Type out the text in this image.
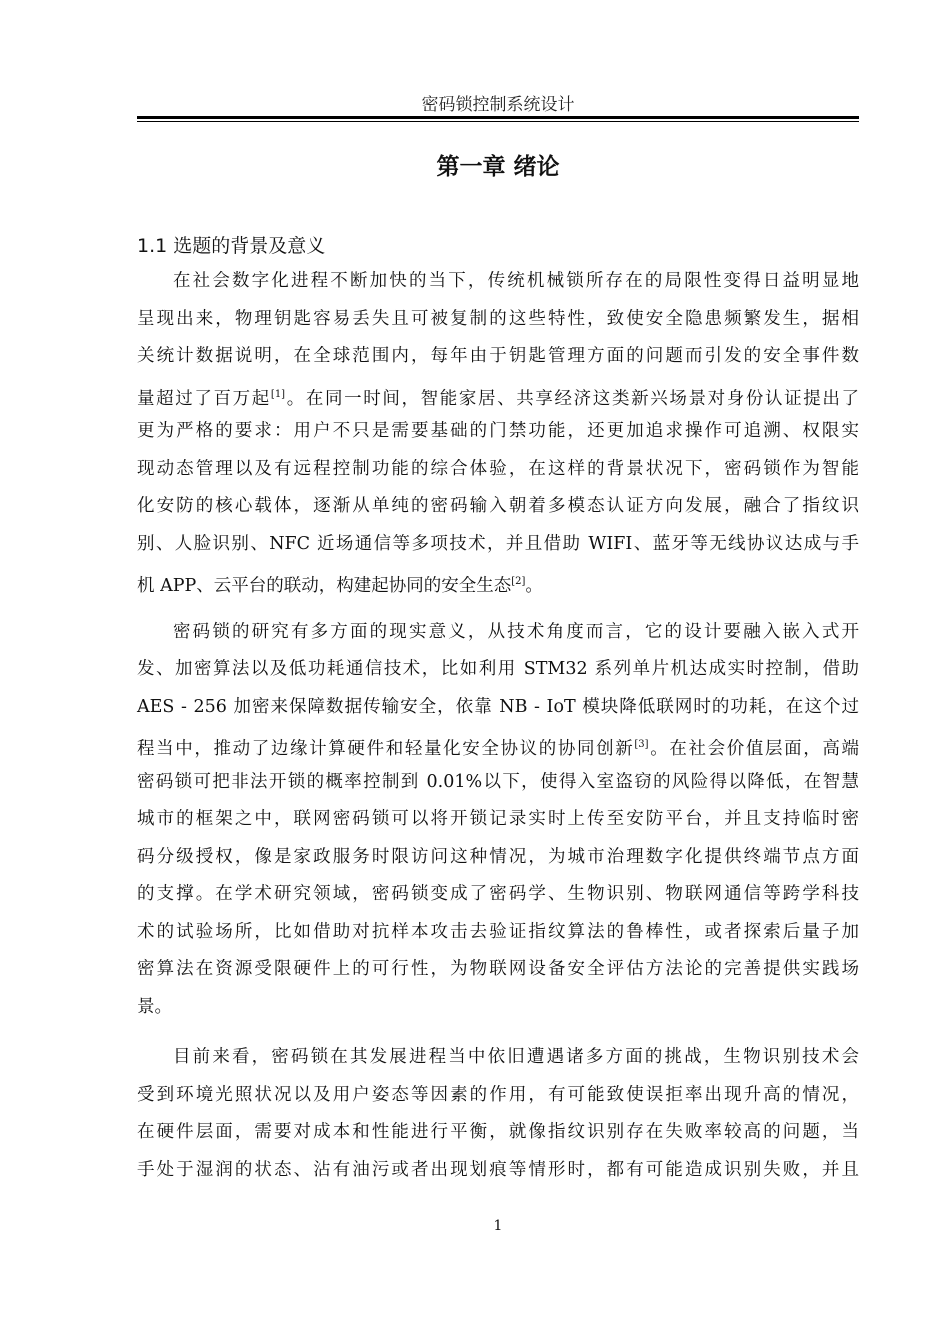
密码锁控制系统设计
第一章 绪论
1.1 选题的背景及意义
在社会数字化进程不断加快的当下，传统机械锁所存在的局限性变得日益明显地
呈现出来，物理钥匙容易丢失且可被复制的这些特性，致使安全隐患频繁发生，据相
关统计数据说明，在全球范围内，每年由于钥匙管理方面的问题而引发的安全事件数
量超过了百万起[1]。在同一时间，智能家居、共享经济这类新兴场景对身份认证提出了
更为严格的要求：用户不只是需要基础的门禁功能，还更加追求操作可追溯、权限实
现动态管理以及有远程控制功能的综合体验，在这样的背景状况下，密码锁作为智能
化安防的核心载体，逐渐从单纯的密码输入朝着多模态认证方向发展，融合了指纹识
别、人脸识别、NFC 近场通信等多项技术，并且借助 WIFI、蓝牙等无线协议达成与手
机 APP、云平台的联动，构建起协同的安全生态[2]。
密码锁的研究有多方面的现实意义，从技术角度而言，它的设计要融入嵌入式开
发、加密算法以及低功耗通信技术，比如利用 STM32 系列单片机达成实时控制，借助
AES - 256 加密来保障数据传输安全，依靠 NB - IoT 模块降低联网时的功耗，在这个过
程当中，推动了边缘计算硬件和轻量化安全协议的协同创新[3]。在社会价值层面，高端
密码锁可把非法开锁的概率控制到 0.01%以下，使得入室盗窃的风险得以降低，在智慧
城市的框架之中，联网密码锁可以将开锁记录实时上传至安防平台，并且支持临时密
码分级授权，像是家政服务时限访问这种情况，为城市治理数字化提供终端节点方面
的支撑。在学术研究领域，密码锁变成了密码学、生物识别、物联网通信等跨学科技
术的试验场所，比如借助对抗样本攻击去验证指纹算法的鲁棒性，或者探索后量子加
密算法在资源受限硬件上的可行性，为物联网设备安全评估方法论的完善提供实践场
景。
目前来看，密码锁在其发展进程当中依旧遭遇诸多方面的挑战，生物识别技术会
受到环境光照状况以及用户姿态等因素的作用，有可能致使误拒率出现升高的情况，
在硬件层面，需要对成本和性能进行平衡，就像指纹识别存在失败率较高的问题，当
手处于湿润的状态、沾有油污或者出现划痕等情形时，都有可能造成识别失败，并且
1
